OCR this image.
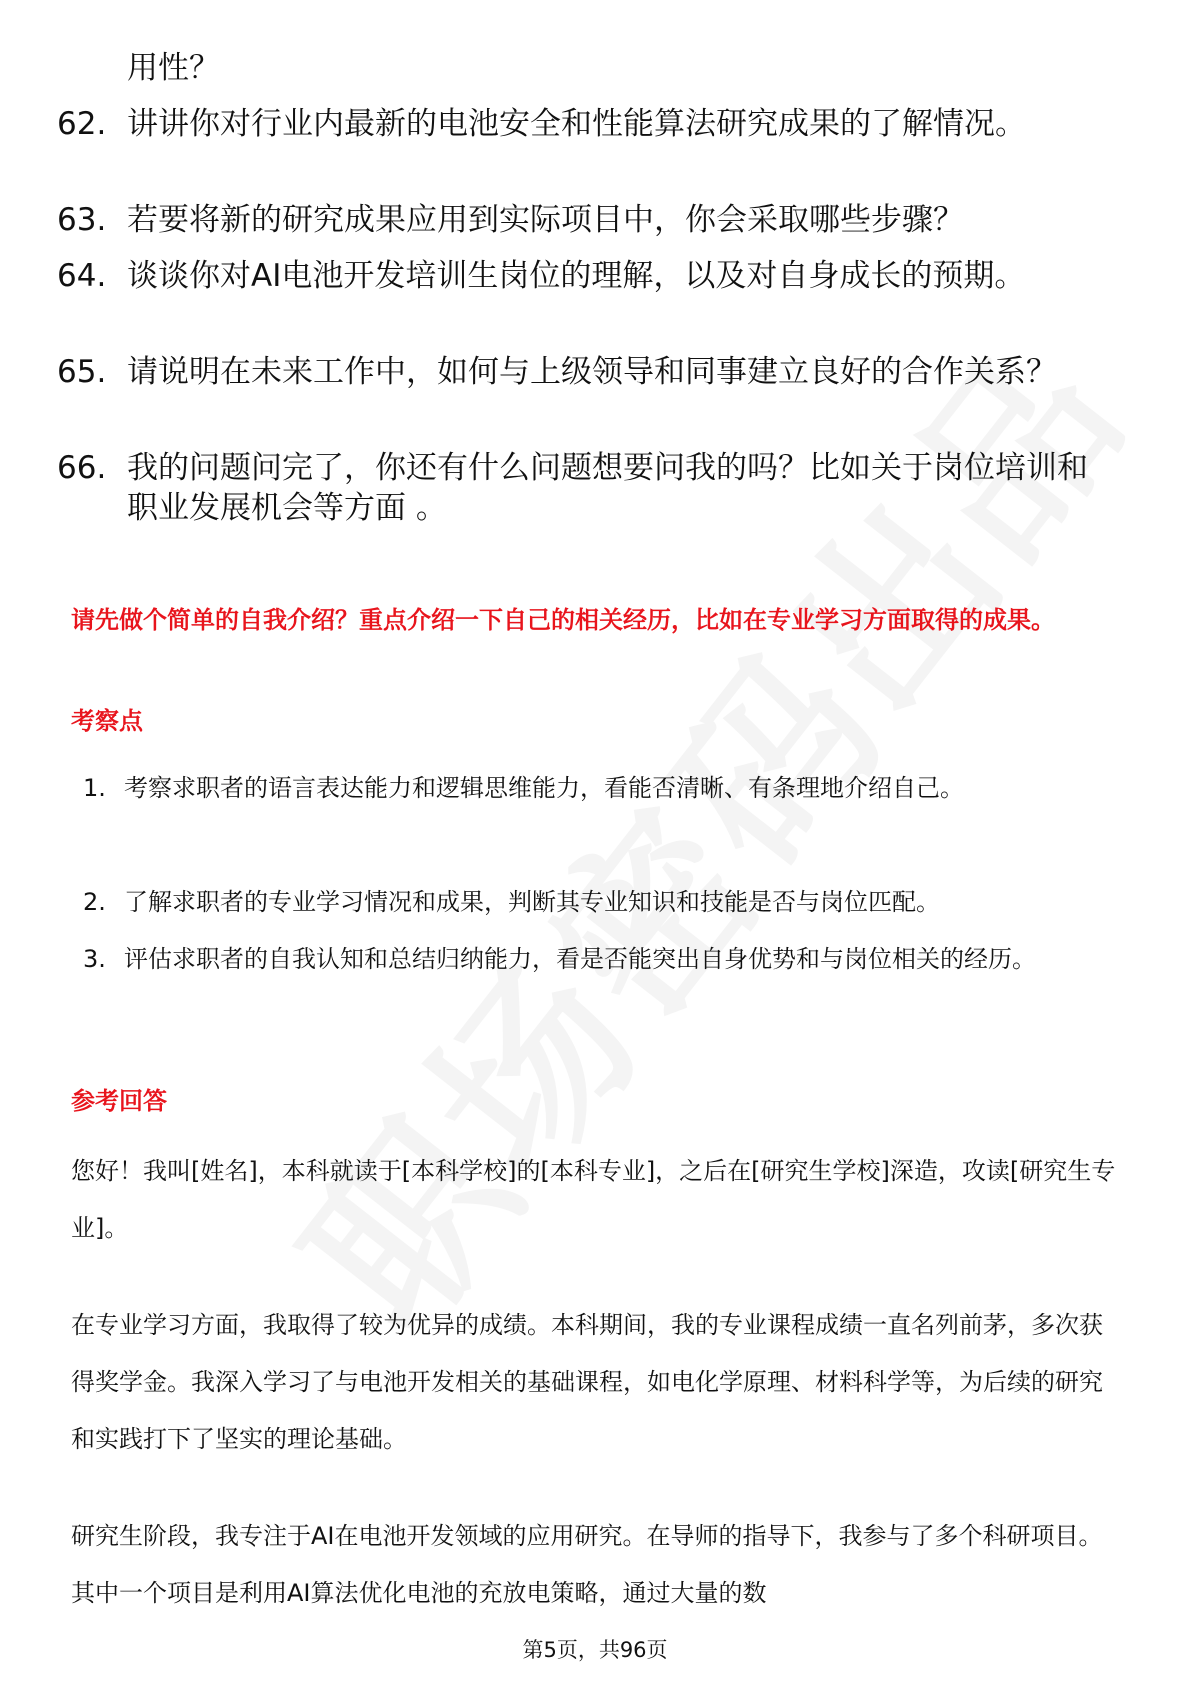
用性？
62. 讲讲你对行业内最新的电池安全和性能算法研究成果的了解情况。
63. 若要将新的研究成果应用到实际项目中，你会采取哪些步骤？
64. 谈谈你对AI电池开发培训生岗位的理解，以及对自身成长的预期。
65. 请说明在未来工作中，如何与上级领导和同事建立良好的合作关系？
66. 我的问题问完了，你还有什么问题想要问我的吗？比如关于岗位培训和职业发展机会等方面 。
请先做个简单的自我介绍？重点介绍一下自己的相关经历，比如在专业学习方面取得的成果。
考察点
1. 考察求职者的语言表达能力和逻辑思维能力，看能否清晰、有条理地介绍自己。
2. 了解求职者的专业学习情况和成果，判断其专业知识和技能是否与岗位匹配。
3. 评估求职者的自我认知和总结归纳能力，看是否能突出自身优势和与岗位相关的经历。
参考回答
您好！我叫[姓名]，本科就读于[本科学校]的[本科专业]，之后在[研究生学校]深造，攻读[研究生专业]。
在专业学习方面，我取得了较为优异的成绩。本科期间，我的专业课程成绩一直名列前茅，多次获得奖学金。我深入学习了与电池开发相关的基础课程，如电化学原理、材料科学等，为后续的研究和实践打下了坚实的理论基础。
研究生阶段，我专注于AI在电池开发领域的应用研究。在导师的指导下，我参与了多个科研项目。其中一个项目是利用AI算法优化电池的充放电策略，通过大量的数
第5页，共96页
